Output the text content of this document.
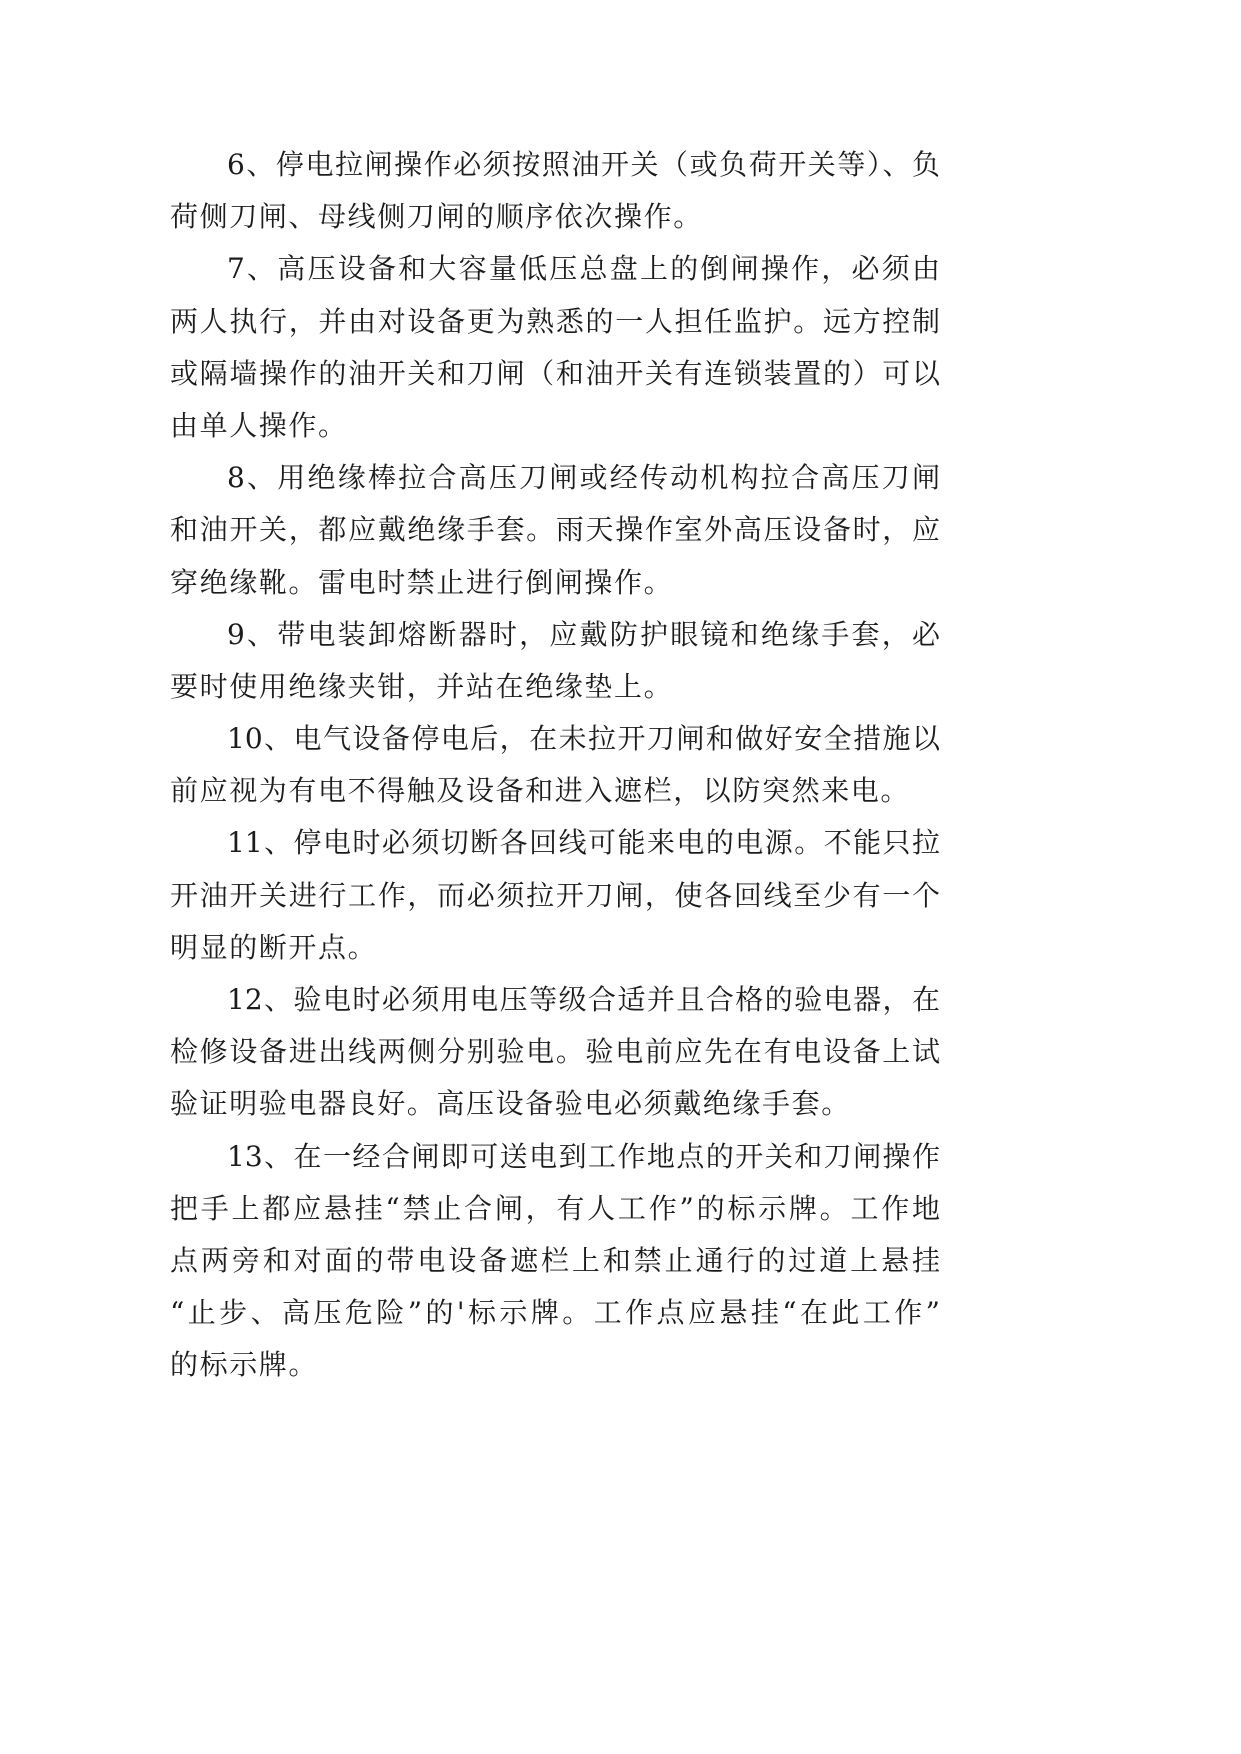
6、停电拉闸操作必须按照油开关（或负荷开关等）、负
荷侧刀闸、母线侧刀闸的顺序依次操作。
7、高压设备和大容量低压总盘上的倒闸操作，必须由
两人执行，并由对设备更为熟悉的一人担任监护。远方控制
或隔墙操作的油开关和刀闸（和油开关有连锁装置的）可以
由单人操作。
8、用绝缘棒拉合高压刀闸或经传动机构拉合高压刀闸
和油开关，都应戴绝缘手套。雨天操作室外高压设备时，应
穿绝缘靴。雷电时禁止进行倒闸操作。
9、带电装卸熔断器时，应戴防护眼镜和绝缘手套，必
要时使用绝缘夹钳，并站在绝缘垫上。
10、电气设备停电后，在未拉开刀闸和做好安全措施以
前应视为有电不得触及设备和进入遮栏，以防突然来电。
11、停电时必须切断各回线可能来电的电源。不能只拉
开油开关进行工作，而必须拉开刀闸，使各回线至少有一个
明显的断开点。
12、验电时必须用电压等级合适并且合格的验电器，在
检修设备进出线两侧分别验电。验电前应先在有电设备上试
验证明验电器良好。高压设备验电必须戴绝缘手套。
13、在一经合闸即可送电到工作地点的开关和刀闸操作
把手上都应悬挂“禁止合闸，有人工作”的标示牌。工作地
点两旁和对面的带电设备遮栏上和禁止通行的过道上悬挂
“止步、高压危险”的'标示牌。工作点应悬挂“在此工作”
的标示牌。
